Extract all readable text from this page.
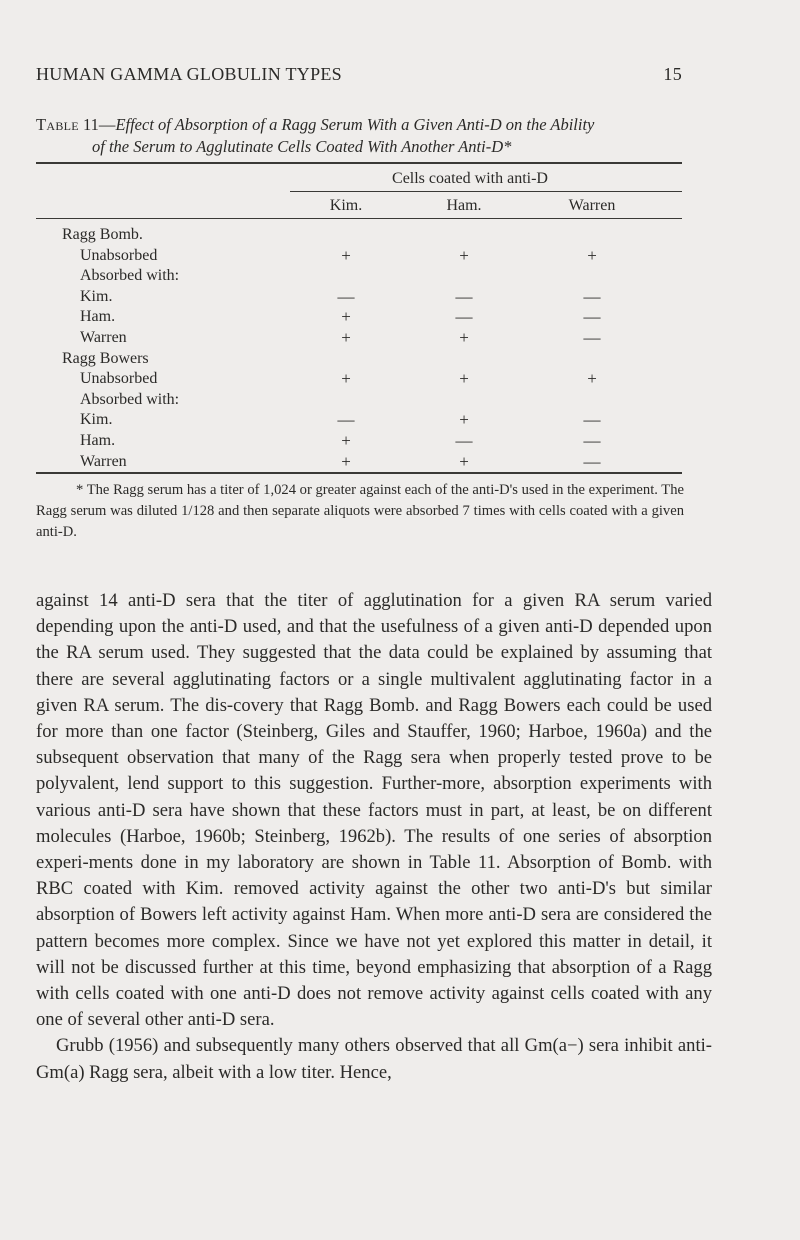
HUMAN GAMMA GLOBULIN TYPES	15
Table 11—Effect of Absorption of a Ragg Serum With a Given Anti-D on the Ability
of the Serum to Agglutinate Cells Coated With Another Anti-D*
Cells coated with anti-D
Kim.	Ham.	Warren
Ragg Bomb.
Unabsorbed	+	+	+
Absorbed with:
Kim.	—	—	—
Ham.	+	—	—
Warren	+	+	—
Ragg Bowers
Unabsorbed	+	+	+
Absorbed with:
Kim.	—	+	—
Ham.	+	—	—
Warren	+	+	—
* The Ragg serum has a titer of 1,024 or greater against each of the anti-D's used in the experiment. The Ragg serum was diluted 1/128 and then separate aliquots were absorbed 7 times with cells coated with a given anti-D.

against 14 anti-D sera that the titer of agglutination for a given RA serum varied depending upon the anti-D used, and that the usefulness of a given anti-D depended upon the RA serum used. They suggested that the data could be explained by assuming that there are several agglutinating factors or a single multivalent agglutinating factor in a given RA serum. The dis-covery that Ragg Bomb. and Ragg Bowers each could be used for more than one factor (Steinberg, Giles and Stauffer, 1960; Harboe, 1960a) and the subsequent observation that many of the Ragg sera when properly tested prove to be polyvalent, lend support to this suggestion. Further-more, absorption experiments with various anti-D sera have shown that these factors must in part, at least, be on different molecules (Harboe, 1960b; Steinberg, 1962b). The results of one series of absorption experi-ments done in my laboratory are shown in Table 11. Absorption of Bomb. with RBC coated with Kim. removed activity against the other two anti-D's but similar absorption of Bowers left activity against Ham. When more anti-D sera are considered the pattern becomes more complex. Since we have not yet explored this matter in detail, it will not be discussed further at this time, beyond emphasizing that absorption of a Ragg with cells coated with one anti-D does not remove activity against cells coated with any one of several other anti-D sera.

Grubb (1956) and subsequently many others observed that all Gm(a−) sera inhibit anti-Gm(a) Ragg sera, albeit with a low titer. Hence,
